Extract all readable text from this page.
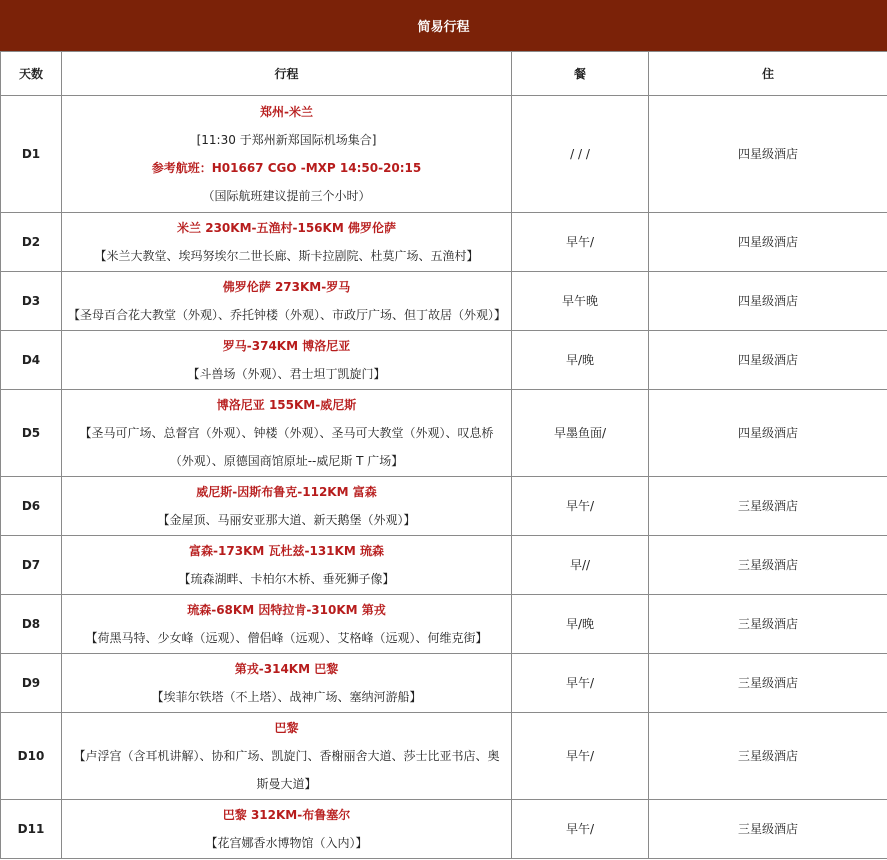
简易行程
天数	行程	餐	住
D1	郑州-米兰
[11:30 于郑州新郑国际机场集合]
参考航班：H01667 CGO -MXP 14:50-20:15
（国际航班建议提前三个小时）	/ / /	四星级酒店
D2	米兰 230KM-五渔村-156KM 佛罗伦萨
【米兰大教堂、埃玛努埃尔二世长廊、斯卡拉剧院、杜莫广场、五渔村】	早午/	四星级酒店
D3	佛罗伦萨 273KM-罗马
【圣母百合花大教堂（外观）、乔托钟楼（外观）、市政厅广场、但丁故居（外观）】	早午晚	四星级酒店
D4	罗马-374KM 博洛尼亚
【斗兽场（外观）、君士坦丁凯旋门】	早/晚	四星级酒店
D5	博洛尼亚 155KM-威尼斯
【圣马可广场、总督宫（外观）、钟楼（外观）、圣马可大教堂（外观）、叹息桥（外观）、原德国商馆原址--威尼斯 T 广场】	早墨鱼面/	四星级酒店
D6	威尼斯-因斯布鲁克-112KM 富森
【金屋顶、马丽安亚那大道、新天鹅堡（外观）】	早午/	三星级酒店
D7	富森-173KM 瓦杜兹-131KM 琉森
【琉森湖畔、卡柏尔木桥、垂死狮子像】	早//	三星级酒店
D8	琉森-68KM 因特拉肯-310KM 第戎
【荷黑马特、少女峰（远观）、僧侣峰（远观）、艾格峰（远观）、何维克街】	早/晚	三星级酒店
D9	第戎-314KM 巴黎
【埃菲尔铁塔（不上塔）、战神广场、塞纳河游船】	早午/	三星级酒店
D10	巴黎
【卢浮宫（含耳机讲解）、协和广场、凯旋门、香榭丽舍大道、莎士比亚书店、奥斯曼大道】	早午/	三星级酒店
D11	巴黎 312KM-布鲁塞尔
【花宫娜香水博物馆（入内）】	早午/	三星级酒店
